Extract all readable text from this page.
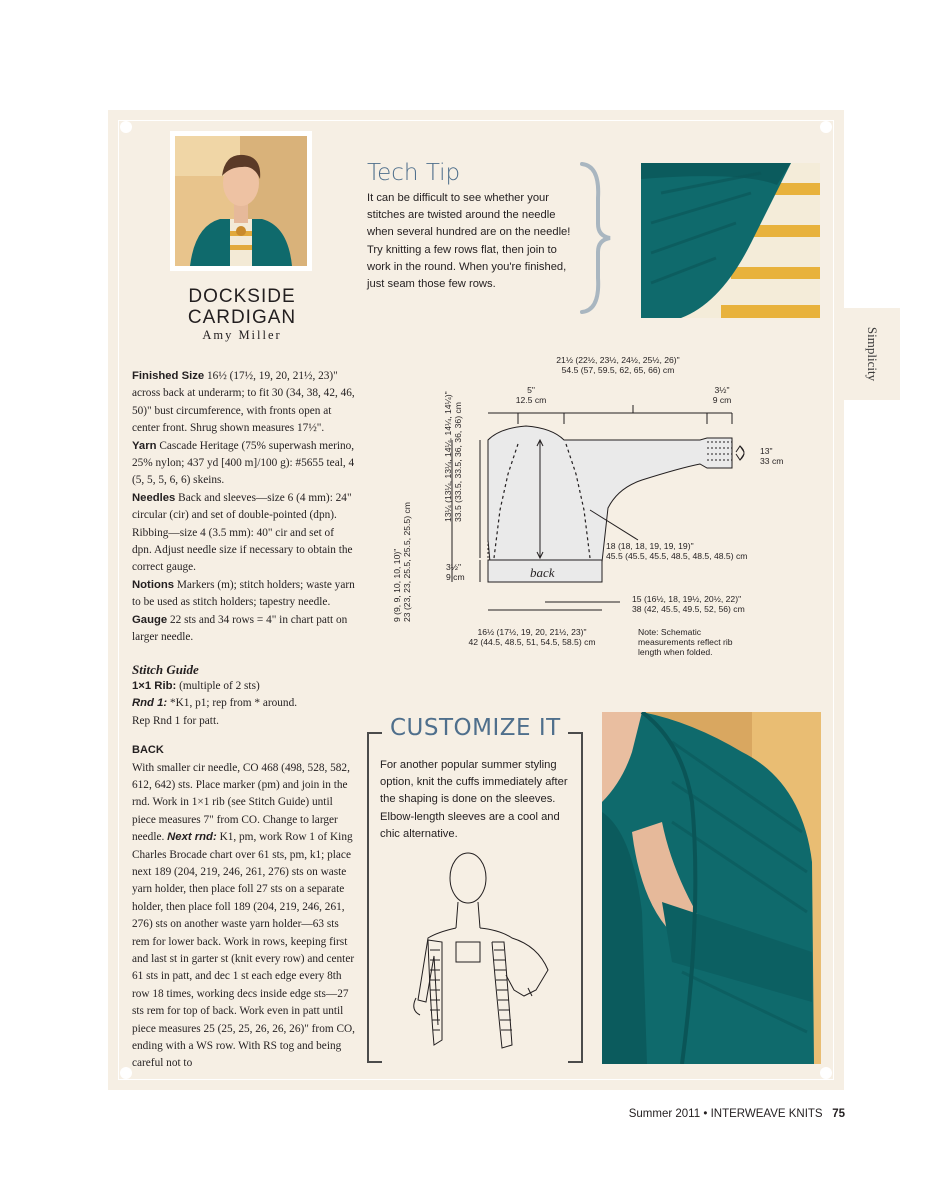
Simplicity
DOCKSIDE CARDIGAN
Amy Miller
Tech Tip
It can be difficult to see whether your stitches are twisted around the needle when several hundred are on the needle! Try knitting a few rows flat, then join to work in the round. When you're finished, just seam those few rows.

Finished Size 16½ (17½, 19, 20, 21½, 23)" across back at underarm; to fit 30 (34, 38, 42, 46, 50)" bust circumference, with fronts open at center front. Shrug shown measures 17½".

Yarn Cascade Heritage (75% superwash merino, 25% nylon; 437 yd [400 m]/100 g): #5655 teal, 4 (5, 5, 5, 6, 6) skeins.

Needles Back and sleeves—size 6 (4 mm): 24" circular (cir) and set of double-pointed (dpn). Ribbing—size 4 (3.5 mm): 40" cir and set of dpn. Adjust needle size if necessary to obtain the correct gauge.

Notions Markers (m); stitch holders; waste yarn to be used as stitch holders; tapestry needle.

Gauge 22 sts and 34 rows = 4" in chart patt on larger needle.

Stitch Guide

1×1 Rib: (multiple of 2 sts)

Rnd 1: *K1, p1; rep from * around.

Rep Rnd 1 for patt.

BACK

With smaller cir needle, CO 468 (498, 528, 582, 612, 642) sts. Place marker (pm) and join in the rnd. Work in 1×1 rib (see Stitch Guide) until piece measures 7" from CO. Change to larger needle. Next rnd: K1, pm, work Row 1 of King Charles Brocade chart over 61 sts, pm, k1; place next 189 (204, 219, 246, 261, 276) sts on waste yarn holder, then place foll 27 sts on a separate holder, then place foll 189 (204, 219, 246, 261, 276) sts on another waste yarn holder—63 sts rem for lower back. Work in rows, keeping first and last st in garter st (knit every row) and center 61 sts in patt, and dec 1 st each edge every 8th row 18 times, working decs inside edge sts—27 sts rem for top of back. Work even in patt until piece measures 25 (25, 25, 26, 26, 26)" from CO, ending with a WS row. With RS tog and being careful not to

21½ (22½, 23½, 24½, 25½, 26)"
54.5 (57, 59.5, 62, 65, 66) cm
5"
12.5 cm
3½"
9 cm
13"
33 cm
13¼ (13¼, 13¼, 14¼, 14¼, 14¼)"
33.5 (33.5, 33.5, 36, 36, 36) cm
9 (9, 9, 10, 10, 10)"
23 (23, 23, 25.5, 25.5, 25.5) cm	3½"
9 cm
18 (18, 18, 19, 19, 19)"
45.5 (45.5, 45.5, 48.5, 48.5, 48.5) cm
15 (16½, 18, 19½, 20½, 22)"
38 (42, 45.5, 49.5, 52, 56) cm
16½ (17½, 19, 20, 21½, 23)"
42 (44.5, 48.5, 51, 54.5, 58.5) cm
back
Note: Schematic measurements reflect rib length when folded.
CUSTOMIZE IT
For another popular summer styling option, knit the cuffs immediately after the shaping is done on the sleeves. Elbow-length sleeves are a cool and chic alternative.
Summer 2011 • INTERWEAVE KNITS 75
